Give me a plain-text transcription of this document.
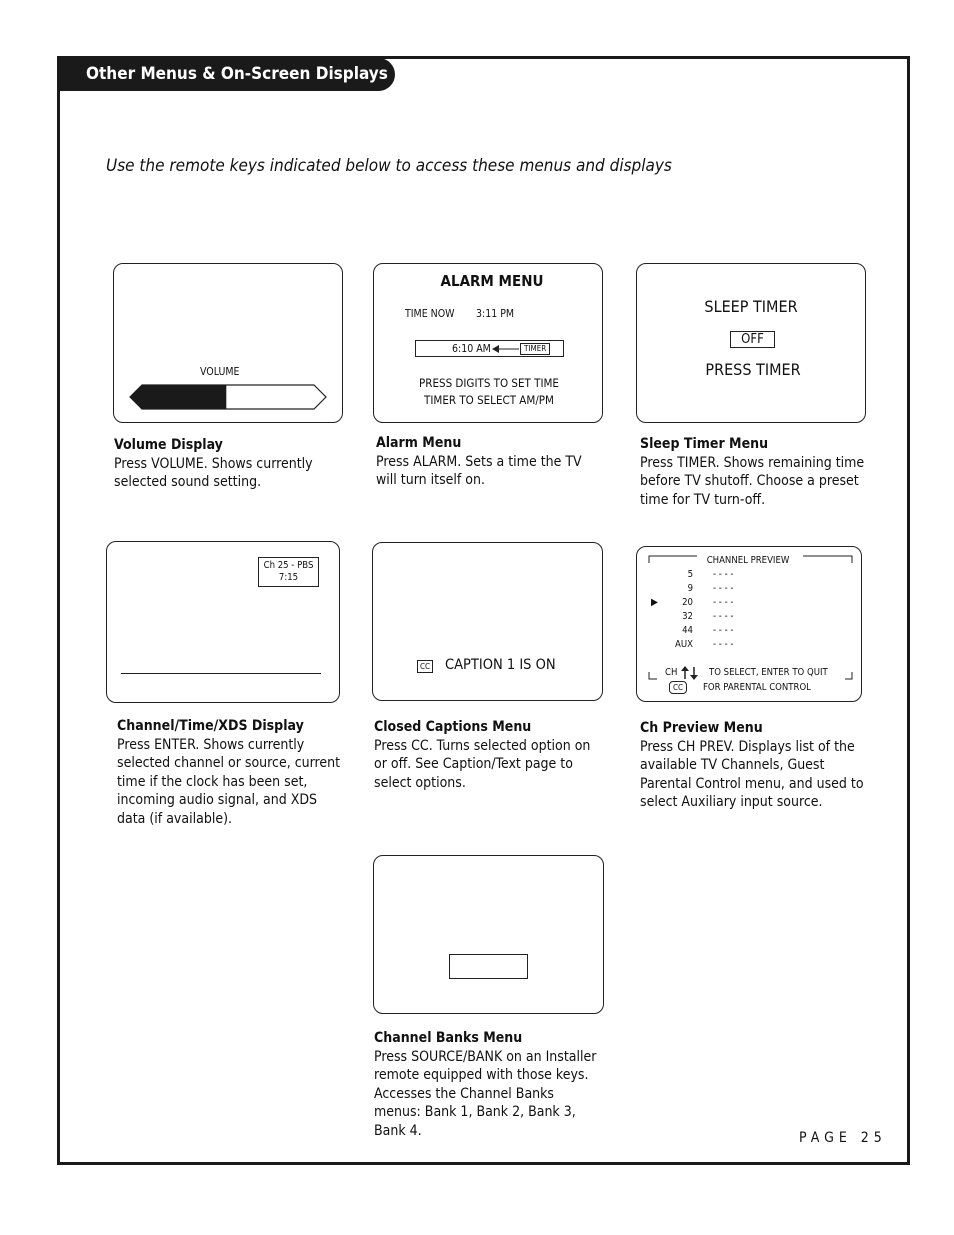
Other Menus & On-Screen Displays
Use the remote keys indicated below to access these menus and displays
VOLUME
Volume Display
Press VOLUME. Shows currently selected sound setting.
ALARM MENU
TIME NOW 3:11 PM
6:10 AM	TIMER
PRESS DIGITS TO SET TIME
TIMER TO SELECT AM/PM
Alarm Menu
Press ALARM. Sets a time the TV will turn itself on.
SLEEP TIMER
OFF
PRESS TIMER
Sleep Timer Menu
Press TIMER. Shows remaining time before TV shutoff. Choose a preset time for TV turn-off.
Ch 25 - PBS
7:15
Channel/Time/XDS Display
Press ENTER. Shows currently selected channel or source, current time if the clock has been set, incoming audio signal, and XDS data (if available).
CC CAPTION 1 IS ON
Closed Captions Menu
Press CC. Turns selected option on or off. See Caption/Text page to select options.
CHANNEL PREVIEW
5 - - - -
9 - - - -
▶	20 - - - -
32 - - - -
44 - - - -
AUX - - - -
CH	TO SELECT, ENTER TO QUIT
CC	FOR PARENTAL CONTROL
Ch Preview Menu
Press CH PREV. Displays list of the available TV Channels, Guest Parental Control menu, and used to select Auxiliary input source.
Channel Banks Menu
Press SOURCE/BANK on an Installer remote equipped with those keys. Accesses the Channel Banks menus: Bank 1, Bank 2, Bank 3, Bank 4.	PAGE 25
